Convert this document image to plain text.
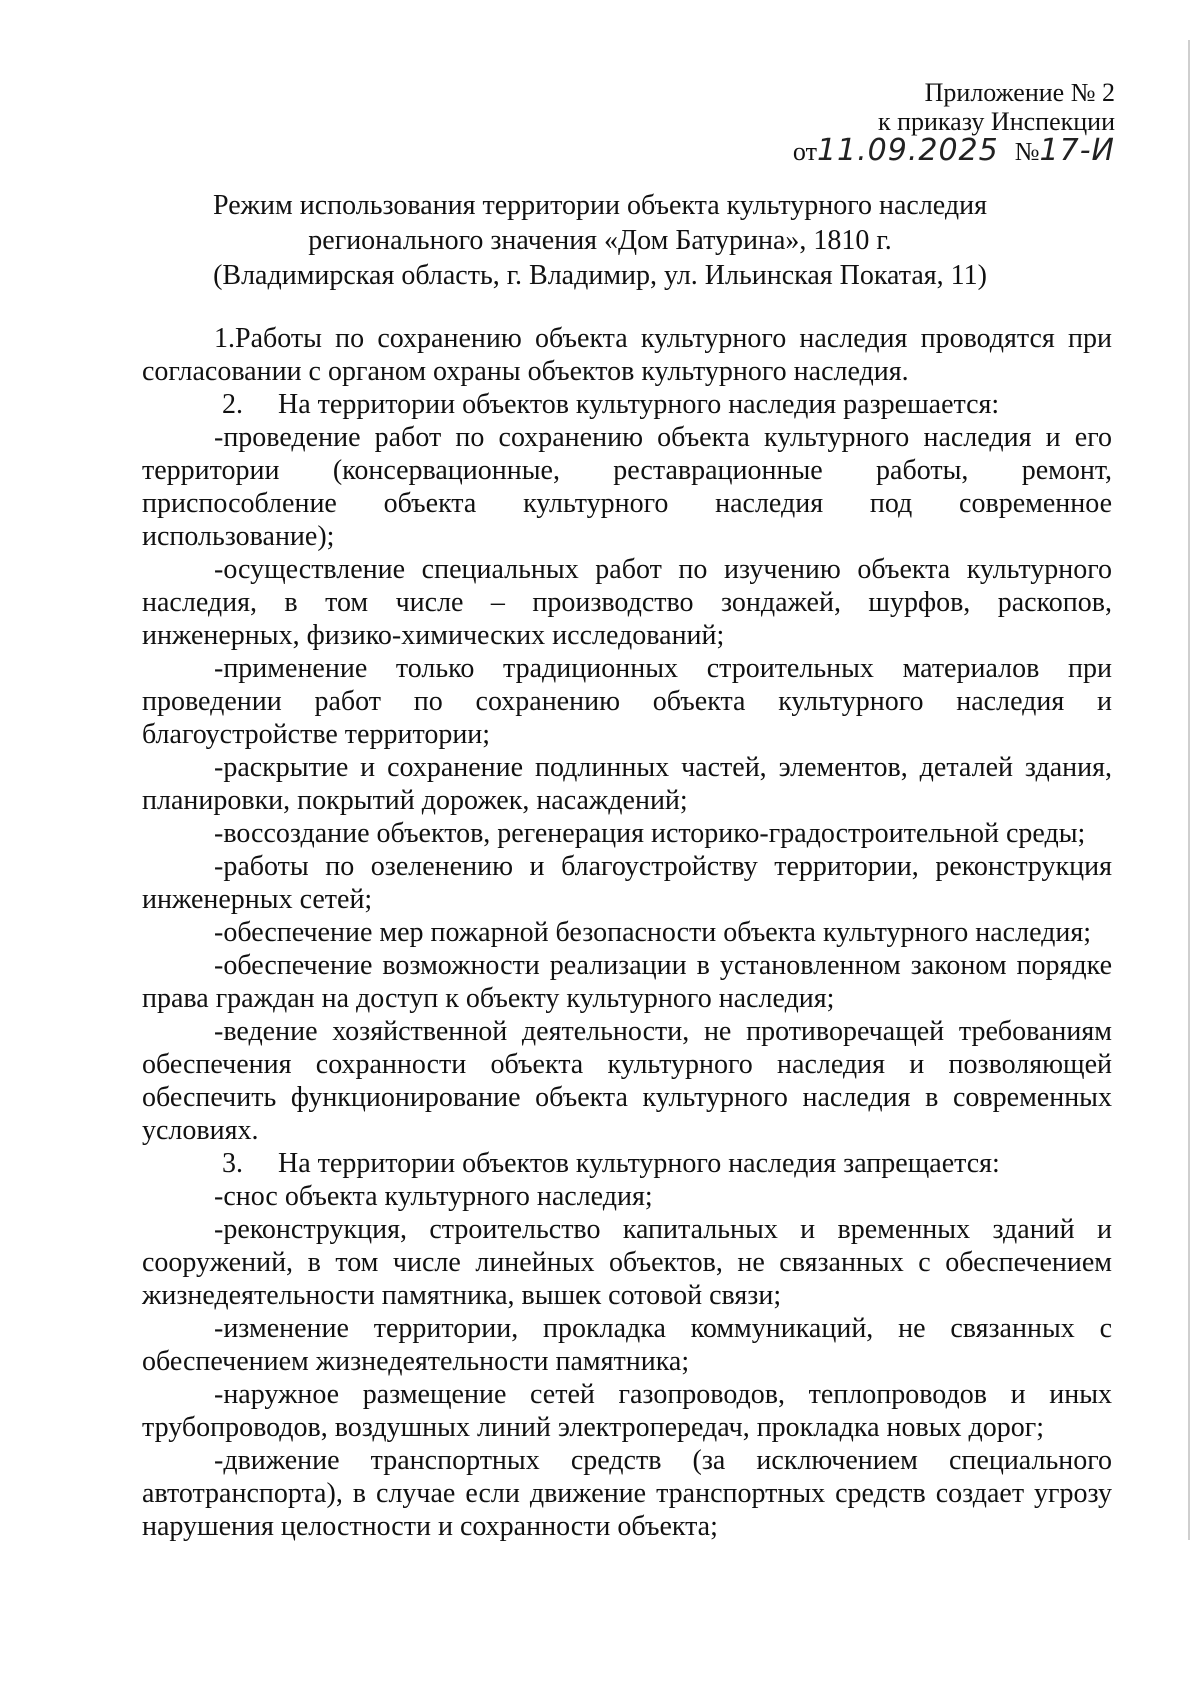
Приложение № 2
к приказу Инспекции
от11.09.2025 №17-И
Режим использования территории объекта культурного наследия
регионального значения «Дом Батурина», 1810 г.
(Владимирская область, г. Владимир, ул. Ильинская Покатая, 11)

1.Работы по сохранению объекта культурного наследия проводятся при согласовании с органом охраны объектов культурного наследия.

2. На территории объектов культурного наследия разрешается:

-проведение работ по сохранению объекта культурного наследия и его территории (консервационные, реставрационные работы, ремонт, приспособление объекта культурного наследия под современное использование);

-осуществление специальных работ по изучению объекта культурного наследия, в том числе – производство зондажей, шурфов, раскопов, инженерных, физико-химических исследований;

-применение только традиционных строительных материалов при проведении работ по сохранению объекта культурного наследия и благоустройстве территории;

-раскрытие и сохранение подлинных частей, элементов, деталей здания, планировки, покрытий дорожек, насаждений;

-воссоздание объектов, регенерация историко-градостроительной среды;

-работы по озеленению и благоустройству территории, реконструкция инженерных сетей;

-обеспечение мер пожарной безопасности объекта культурного наследия;

-обеспечение возможности реализации в установленном законом порядке права граждан на доступ к объекту культурного наследия;

-ведение хозяйственной деятельности, не противоречащей требованиям обеспечения сохранности объекта культурного наследия и позволяющей обеспечить функционирование объекта культурного наследия в современных условиях.

3. На территории объектов культурного наследия запрещается:

-снос объекта культурного наследия;

-реконструкция, строительство капитальных и временных зданий и сооружений, в том числе линейных объектов, не связанных с обеспечением жизнедеятельности памятника, вышек сотовой связи;

-изменение территории, прокладка коммуникаций, не связанных с обеспечением жизнедеятельности памятника;

-наружное размещение сетей газопроводов, теплопроводов и иных трубопроводов, воздушных линий электропередач, прокладка новых дорог;

-движение транспортных средств (за исключением специального автотранспорта), в случае если движение транспортных средств создает угрозу нарушения целостности и сохранности объекта;
